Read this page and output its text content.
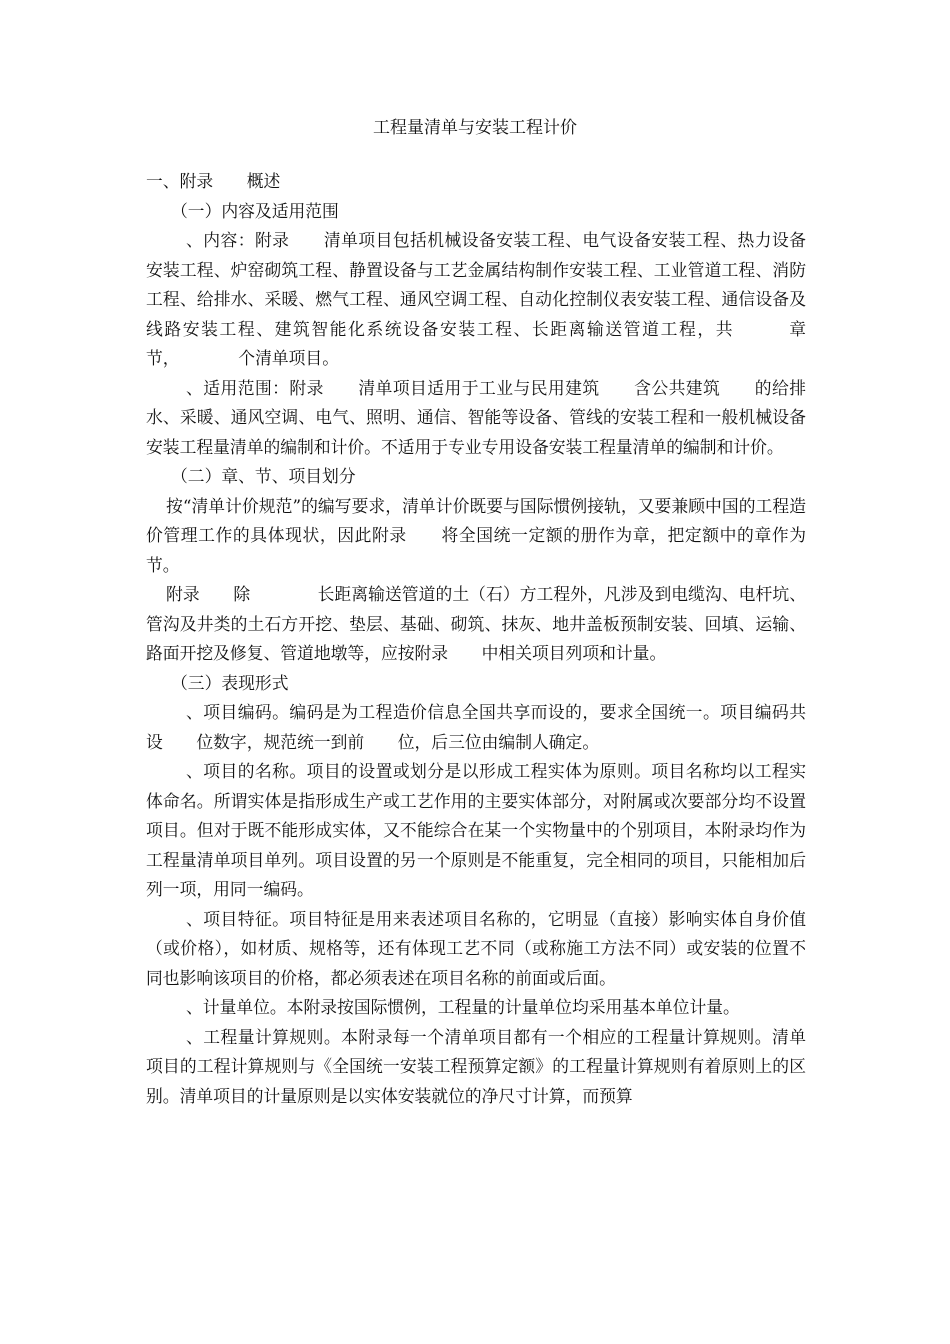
工程量清单与安装工程计价

一、附录　　概述

（一）内容及适用范围

、内容：附录　　清单项目包括机械设备安装工程、电气设备安装工程、热力设备安装工程、炉窑砌筑工程、静置设备与工艺金属结构制作安装工程、工业管道工程、消防工程、给排水、采暖、燃气工程、通风空调工程、自动化控制仪表安装工程、通信设备及线路安装工程、建筑智能化系统设备安装工程、长距离输送管道工程，共　　　章　　　节，　　　　个清单项目。

、适用范围：附录　　清单项目适用于工业与民用建筑　　含公共建筑　　的给排水、采暖、通风空调、电气、照明、通信、智能等设备、管线的安装工程和一般机械设备安装工程量清单的编制和计价。不适用于专业专用设备安装工程量清单的编制和计价。

（二）章、节、项目划分

按“清单计价规范”的编写要求，清单计价既要与国际惯例接轨，又要兼顾中国的工程造价管理工作的具体现状，因此附录　　将全国统一定额的册作为章，把定额中的章作为节。

附录　　除　　　　长距离输送管道的土（石）方工程外，凡涉及到电缆沟、电杆坑、管沟及井类的土石方开挖、垫层、基础、砌筑、抹灰、地井盖板预制安装、回填、运输、路面开挖及修复、管道地墩等，应按附录　　中相关项目列项和计量。

（三）表现形式

、项目编码。编码是为工程造价信息全国共享而设的，要求全国统一。项目编码共设　　位数字，规范统一到前　　位，后三位由编制人确定。

、项目的名称。项目的设置或划分是以形成工程实体为原则。项目名称均以工程实体命名。所谓实体是指形成生产或工艺作用的主要实体部分，对附属或次要部分均不设置项目。但对于既不能形成实体，又不能综合在某一个实物量中的个别项目，本附录均作为工程量清单项目单列。项目设置的另一个原则是不能重复，完全相同的项目，只能相加后列一项，用同一编码。

、项目特征。项目特征是用来表述项目名称的，它明显（直接）影响实体自身价值（或价格），如材质、规格等，还有体现工艺不同（或称施工方法不同）或安装的位置不同也影响该项目的价格，都必须表述在项目名称的前面或后面。

、计量单位。本附录按国际惯例，工程量的计量单位均采用基本单位计量。

、工程量计算规则。本附录每一个清单项目都有一个相应的工程量计算规则。清单项目的工程计算规则与《全国统一安装工程预算定额》的工程量计算规则有着原则上的区别。清单项目的计量原则是以实体安装就位的净尺寸计算，而预算
